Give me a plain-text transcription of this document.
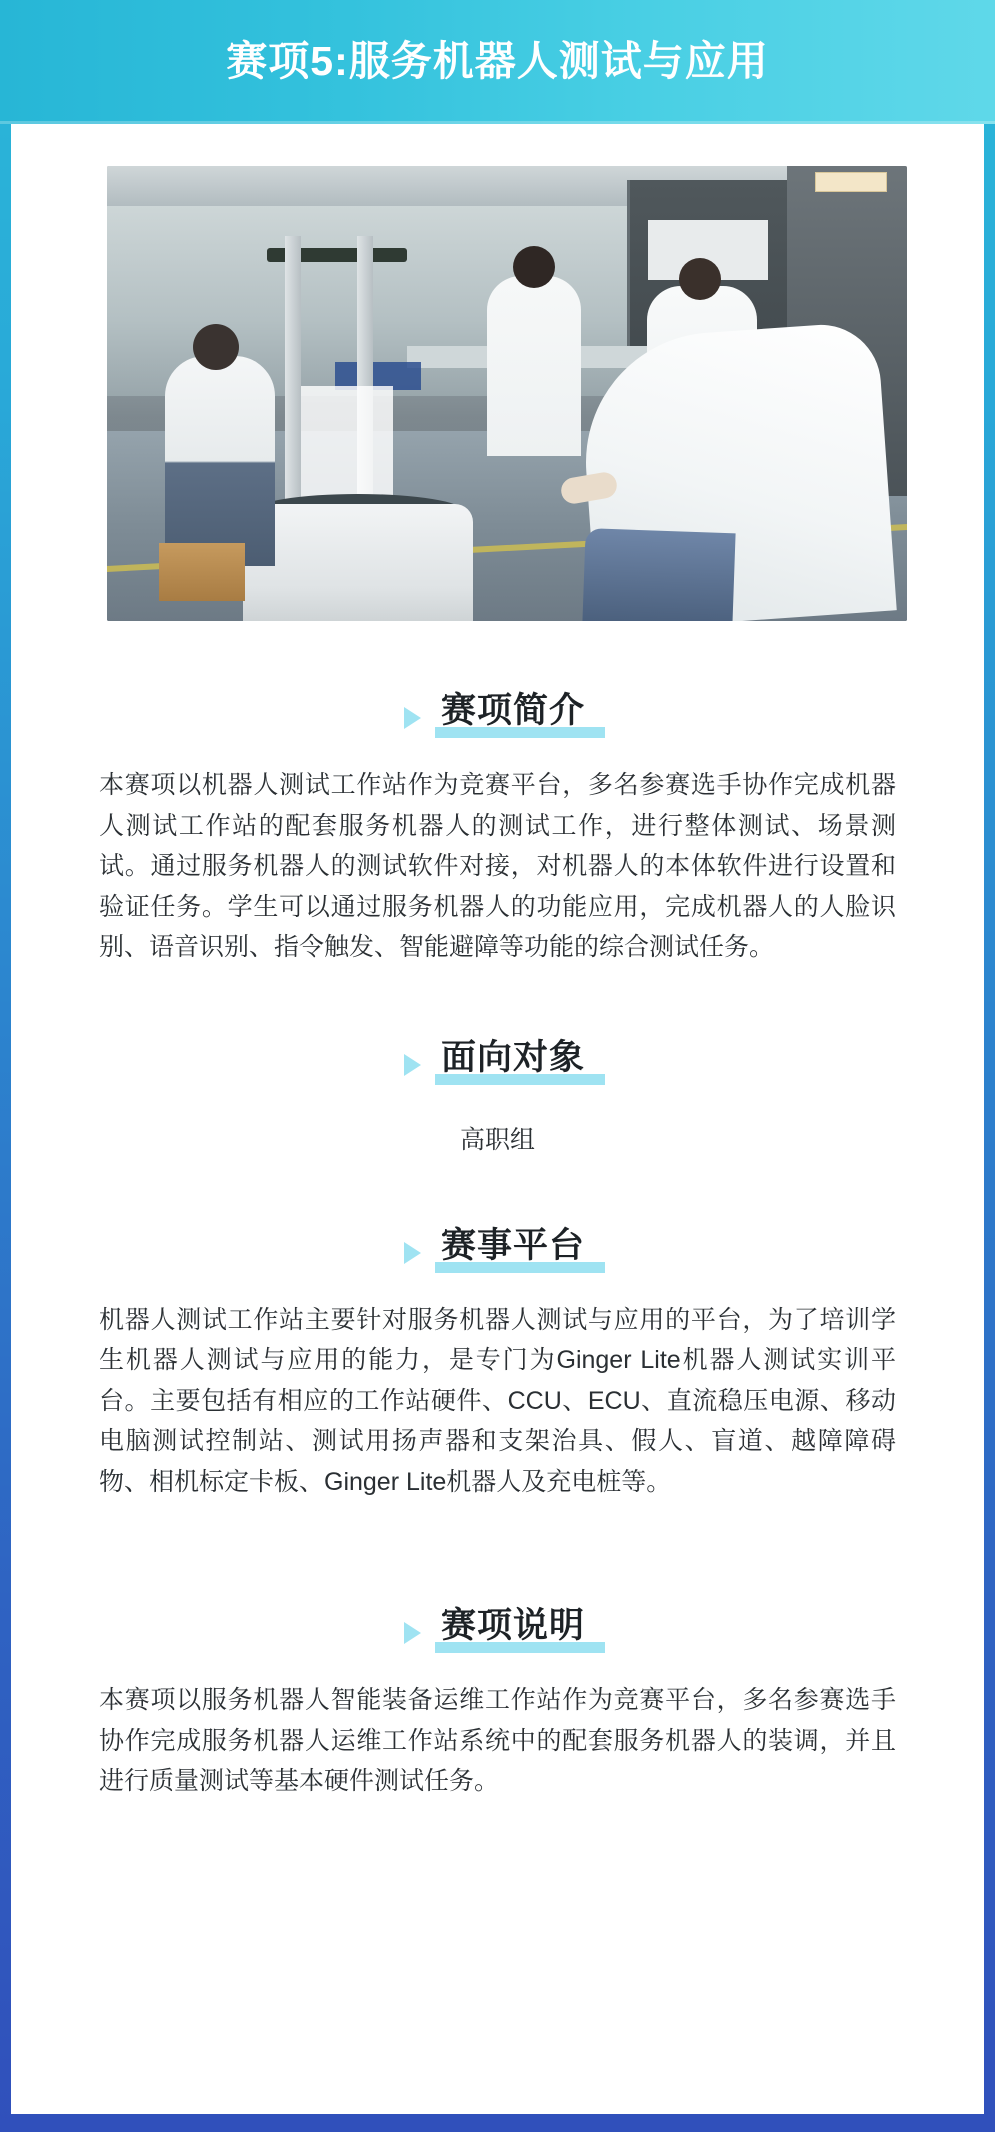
赛项5:服务机器人测试与应用
赛项简介
本赛项以机器人测试工作站作为竞赛平台，多名参赛选手协作完成机器人测试工作站的配套服务机器人的测试工作，进行整体测试、场景测试。通过服务机器人的测试软件对接，对机器人的本体软件进行设置和验证任务。学生可以通过服务机器人的功能应用，完成机器人的人脸识别、语音识别、指令触发、智能避障等功能的综合测试任务。
面向对象
高职组
赛事平台
机器人测试工作站主要针对服务机器人测试与应用的平台，为了培训学生机器人测试与应用的能力，是专门为Ginger Lite机器人测试实训平台。主要包括有相应的工作站硬件、CCU、ECU、直流稳压电源、移动电脑测试控制站、测试用扬声器和支架治具、假人、盲道、越障障碍物、相机标定卡板、Ginger Lite机器人及充电桩等。
赛项说明
本赛项以服务机器人智能装备运维工作站作为竞赛平台，多名参赛选手协作完成服务机器人运维工作站系统中的配套服务机器人的装调，并且进行质量测试等基本硬件测试任务。
